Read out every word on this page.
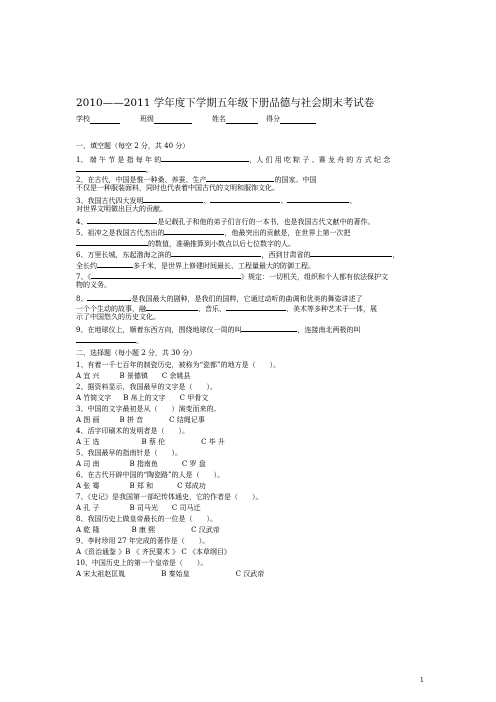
2010——2011 学年度下学期五年级下册品德与社会期末考试卷
学校	班级	姓名	得分
一、填空题（每空 2 分，共 40 分）
1、 端 午 节 是 指 每 年 的	，人 们 用 吃 粽 子 、赛 龙 舟 的 方 式 纪 念
。
2、在古代，中国是惟一种桑、养蚕、生产	的国家。中国
不仅是一种服装面料，同时也代表着中国古代的文明和服饰文化。
3、我国古代四大发明	、	、	、
对世界文明做出巨大的贡献。
4、	是记载孔子和他的弟子们言行的一本书，也是我国古代文献中的著作。
5、祖冲之是我国古代杰出的	，他最突出的贡献是，在世界上第一次把
的数值，准确推算到小数点以后七位数字的人。
6、万里长城，东起渤海之滨的	，西到甘肃省的	，
全长约	多千米，是世界上修建时间最长、工程量最大的防御工程。
7、《	》规定：一切机关，组织和个人都有依法保护文
物的义务。
8、	是我国最大的剧种，是我们的国粹，它通过动听的曲调和优美的舞姿讲述了
一个个生动的故事，融	、音乐、	、美术等多种艺术于一体，展
示了中国悠久的历史文化。
9、在地球仪上，顺着东西方向，围绕地球仪一周的叫	，连接南北两极的叫
。
二、选择题（每小题 2 分，共 30 分）
1、有着一千七百年的制瓷历史，被称为“瓷都”的地方是（　　）。
A 宜 兴	B 景德镇 C 余姚县
2、据资料显示，我国最早的文字是（　　）。
A 竹简文字 B 帛上的文字 C 甲骨文
3、中国的文字最初是从（　　）演变而来的。
A 图 画	B 拼 音	C 结绳记事
4、活字印刷术的发明者是（　　）。
A 王 选	B 蔡 伦	C 毕 升
5、我国最早的指南针是（　　）。
A 司 南	B 指南鱼	C 罗 盘
6、在古代开辟中国的“陶瓷路”的人是（　　）。
A 张 骞	B 郑 和	C 郑成功
7、《史记》是我国第一部纪传体通史，它的作者是（　　）。
A 孔 子	B 司马光 C 司马迁
8、我国历史上做皇帝最长的一位是（　　）。
A 乾 隆	B 康 熙	C 汉武帝
9、李时珍用 27 年完成的著作是（　　）。
A《资治通鉴 》B 《 齐民要术 》 C 《本草纲目》
10、中国历史上的第一个皇帝是（　　）。
A 宋太祖赵匡胤	B 秦始皇	C 汉武帝
1
